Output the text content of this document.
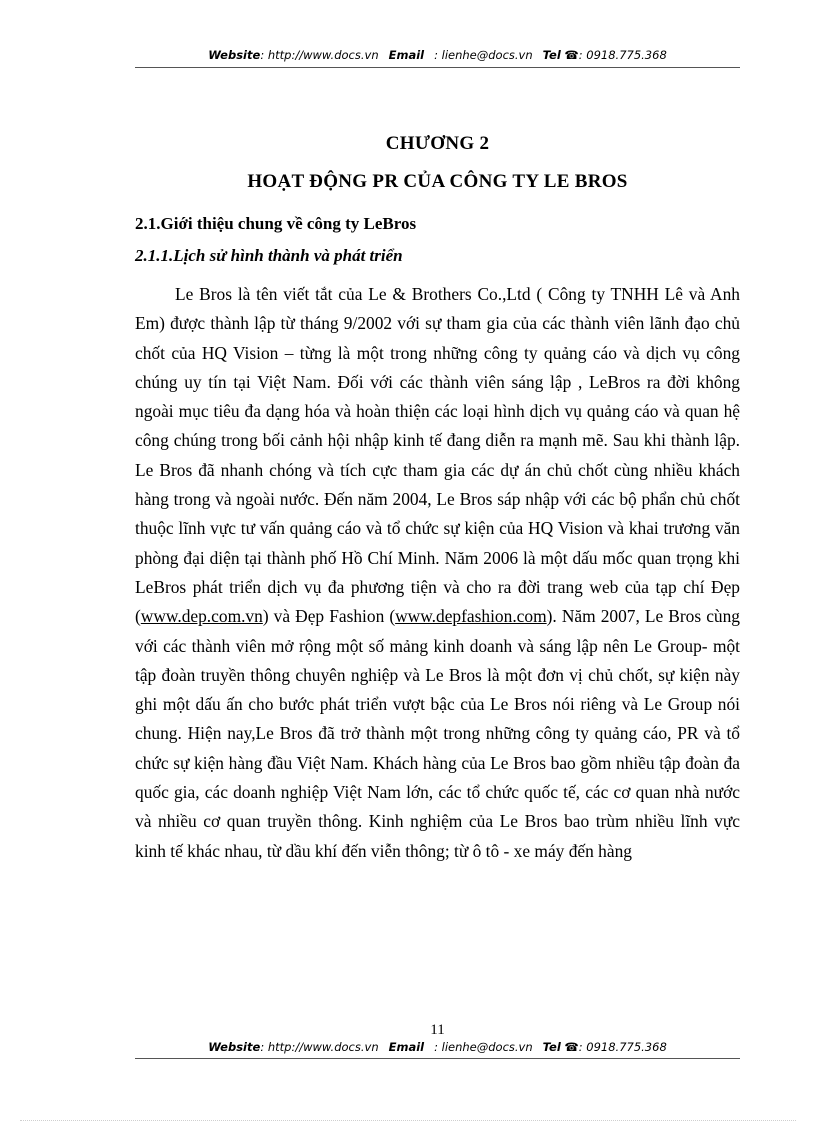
Website: http://www.docs.vn Email : lienhe@docs.vn Tel ☎: 0918.775.368
CHƯƠNG 2
HOẠT ĐỘNG PR CỦA CÔNG TY LE BROS
2.1.Giới thiệu chung về công ty LeBros
2.1.1.Lịch sử hình thành và phát triển

Le Bros là tên viết tắt của Le & Brothers Co.,Ltd ( Công ty TNHH Lê và Anh Em) được thành lập từ tháng 9/2002 với sự tham gia của các thành viên lãnh đạo chủ chốt của HQ Vision – từng là một trong những công ty quảng cáo và dịch vụ công chúng uy tín tại Việt Nam. Đối với các thành viên sáng lập , LeBros ra đời không ngoài mục tiêu đa dạng hóa và hoàn thiện các loại hình dịch vụ quảng cáo và quan hệ công chúng trong bối cảnh hội nhập kinh tế đang diễn ra mạnh mẽ. Sau khi thành lập. Le Bros đã nhanh chóng và tích cực tham gia các dự án chủ chốt cùng nhiều khách hàng trong và ngoài nước. Đến năm 2004, Le Bros sáp nhập với các bộ phẩn chủ chốt thuộc lĩnh vực tư vấn quảng cáo và tổ chức sự kiện của HQ Vision và khai trương văn phòng đại diện tại thành phố Hồ Chí Minh. Năm 2006 là một dấu mốc quan trọng khi LeBros phát triển dịch vụ đa phương tiện và cho ra đời trang web của tạp chí Đẹp (www.dep.com.vn) và Đẹp Fashion (www.depfashion.com). Năm 2007, Le Bros cùng với các thành viên mở rộng một số mảng kinh doanh và sáng lập nên Le Group- một tập đoàn truyền thông chuyên nghiệp và Le Bros là một đơn vị chủ chốt, sự kiện này ghi một dấu ấn cho bước phát triển vượt bậc của Le Bros nói riêng và Le Group nói chung. Hiện nay,Le Bros đã trở thành một trong những công ty quảng cáo, PR và tổ chức sự kiện hàng đầu Việt Nam. Khách hàng của Le Bros bao gồm nhiều tập đoàn đa quốc gia, các doanh nghiệp Việt Nam lớn, các tổ chức quốc tế, các cơ quan nhà nước và nhiều cơ quan truyền thông. Kinh nghiệm của Le Bros bao trùm nhiều lĩnh vực kinh tế khác nhau, từ dầu khí đến viễn thông; từ ô tô - xe máy đến hàng

11
Website: http://www.docs.vn Email : lienhe@docs.vn Tel ☎: 0918.775.368
